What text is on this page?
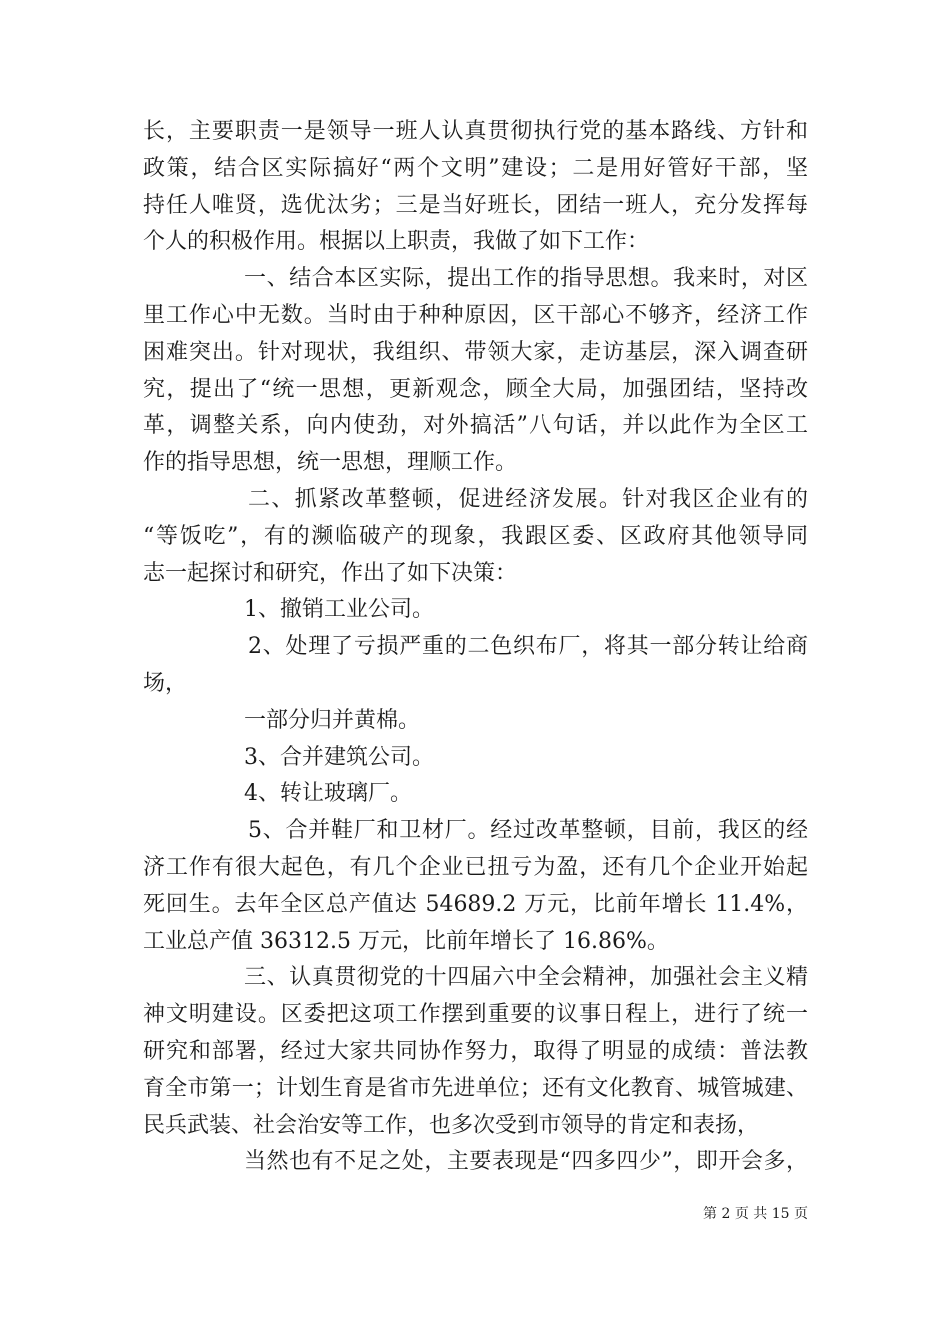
长，主要职责一是领导一班人认真贯彻执行党的基本路线、方针和
政策，结合区实际搞好“两个文明”建设；二是用好管好干部，坚
持任人唯贤，选优汰劣；三是当好班长，团结一班人，充分发挥每
个人的积极作用。根据以上职责，我做了如下工作：
一、结合本区实际，提出工作的指导思想。我来时，对区
里工作心中无数。当时由于种种原因，区干部心不够齐，经济工作
困难突出。针对现状，我组织、带领大家，走访基层，深入调查研
究，提出了“统一思想，更新观念，顾全大局，加强团结，坚持改
革，调整关系，向内使劲，对外搞活”八句话，并以此作为全区工
作的指导思想，统一思想，理顺工作。
二、抓紧改革整顿，促进经济发展。针对我区企业有的
“等饭吃”，有的濒临破产的现象，我跟区委、区政府其他领导同
志一起探讨和研究，作出了如下决策：
1、撤销工业公司。
2、处理了亏损严重的二色织布厂，将其一部分转让给商
场，
一部分归并黄棉。
3、合并建筑公司。
4、转让玻璃厂。
5、合并鞋厂和卫材厂。经过改革整顿，目前，我区的经
济工作有很大起色，有几个企业已扭亏为盈，还有几个企业开始起
死回生。去年全区总产值达 54689.2 万元，比前年增长 11.4%，
工业总产值 36312.5 万元，比前年增长了 16.86%。
三、认真贯彻党的十四届六中全会精神，加强社会主义精
神文明建设。区委把这项工作摆到重要的议事日程上，进行了统一
研究和部署，经过大家共同协作努力，取得了明显的成绩：普法教
育全市第一；计划生育是省市先进单位；还有文化教育、城管城建、
民兵武装、社会治安等工作，也多次受到市领导的肯定和表扬，
当然也有不足之处，主要表现是“四多四少”，即开会多，
第 2 页 共 15 页
